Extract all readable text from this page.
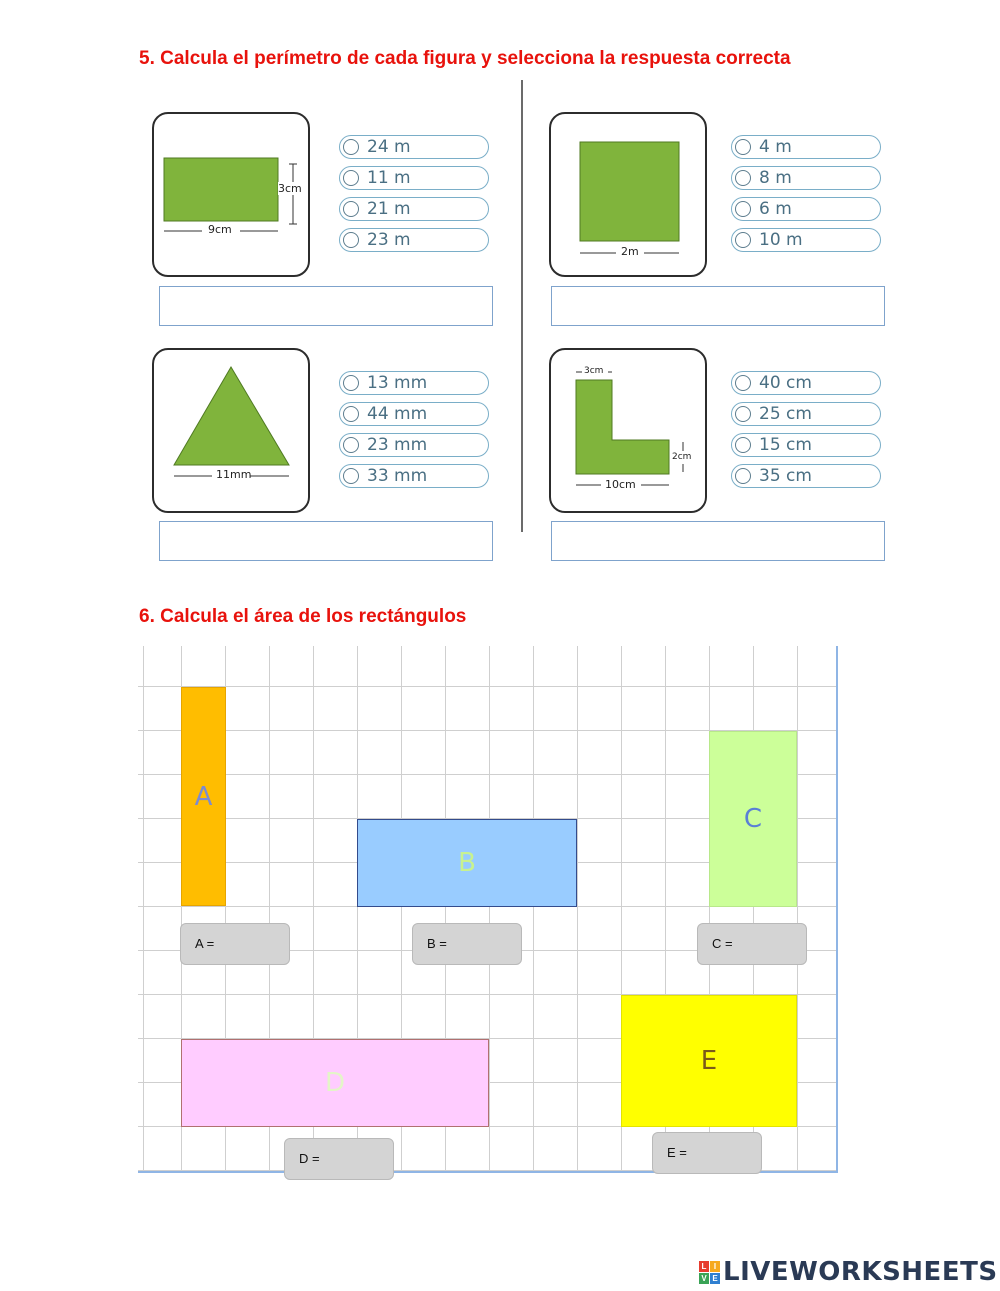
5. Calcula el perímetro de cada figura y selecciona la respuesta correcta
3cm
9cm
24 m
11 m
21 m
23 m
2m
4 m
8 m
6 m
10 m
11mm
13 mm
44 mm
23 mm
33 mm
3cm
10cm
2cm
40 cm
25 cm
15 cm
35 cm
6. Calcula el área de los rectángulos
A
B
C
D
E
A =	B =	C =
D =	E =
L I
V E LIVEWORKSHEETS
